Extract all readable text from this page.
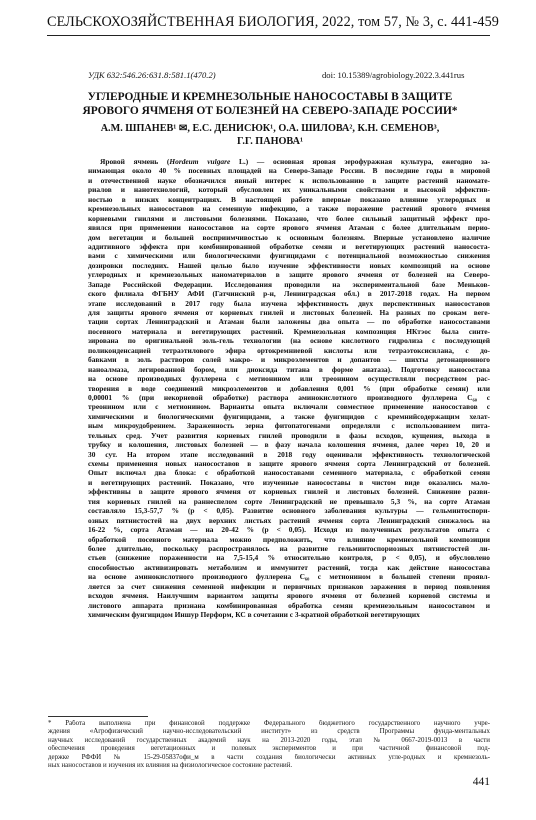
СЕЛЬСКОХОЗЯЙСТВЕННАЯ БИОЛОГИЯ, 2022, том 57, № 3, с. 441-459
УДК 632:546.26:631.8:581.1(470.2)	doi: 10.15389/agrobiology.2022.3.441rus
УГЛЕРОДНЫЕ И КРЕМНЕЗОЛЬНЫЕ НАНОСОСТАВЫ В ЗАЩИТЕ
ЯРОВОГО ЯЧМЕНЯ ОТ БОЛЕЗНЕЙ НА СЕВЕРО-ЗАПАДЕ РОССИИ*
А.М. ШПАНЕВ¹ ✉, Е.С. ДЕНИСЮК¹, О.А. ШИЛОВА², К.Н. СЕМЕНОВ³,
Г.Г. ПАНОВА¹
Яровой ячмень (Hordeum vulgare L.) — основная яровая зерофуражная культура, ежегодно за-
нимающая около 40 % посевных площадей на Северо-Западе России. В последние годы в мировой
и отечественной науке обозначился явный интерес к использованию в защите растений наномате-
риалов и нанотехнологий, который обусловлен их уникальными свойствами и высокой эффектив-
ностью в низких концентрациях. В настоящей работе впервые показано влияние углеродных и
кремнезольных наносоставов на семенную инфекцию, а также поражение растений ярового ячменя
корневыми гнилями и листовыми болезнями. Показано, что более сильный защитный эффект про-
явился при применении наносоставов на сорте ярового ячменя Атаман с более длительным перио-
дом вегетации и большей восприимчивостью к основным болезням. Впервые установлено наличие
аддитивного эффекта при комбинированной обработке семян и вегетирующих растений нанососта-
вами с химическими или биологическими фунгицидами с потенциальной возможностью снижения
дозировки последних. Нашей целью было изучение эффективности новых композиций на основе
углеродных и кремнезольных наноматериалов в защите ярового ячменя от болезней на Северо-
Западе Российской Федерации. Исследования проводили на экспериментальной базе Меньков-
ского филиала ФГБНУ АФИ (Гатчинский р-н, Ленинградская обл.) в 2017-2018 годах. На первом
этапе исследований в 2017 году была изучена эффективность двух перспективных наносоставов
для защиты ярового ячменя от корневых гнилей и листовых болезней. На разных по срокам веге-
тации сортах Ленинградский и Атаман были заложены два опыта — по обработке наносоставами
посевного материала и вегетирующих растений. Кремнезольная композиция НКтэос была синте-
зирована по оригинальной золь-гель технологии (на основе кислотного гидролиза с последующей
поликонденсацией тетраэтилового эфира ортокремниевой кислоты или тетраэтоксисилана, с до-
бавками в золь растворов солей макро- и микроэлементов и допантов — шихты детонационного
наноалмаза, легированной бором, или диоксида титана в форме анатаза). Подготовку наносостава
на основе производных фуллерена с метионином или треонином осуществляли посредством рас-
творения в воде соединений микроэлементов и добавления 0,001 % (при обработке семян) или
0,00001 % (при некорневой обработке) раствора аминокислотного производного фуллерена C₆₀ с
треонином или с метионином. Варианты опыта включали совместное применение наносоставов с
химическими и биологическими фунгицидами, а также фунгицидов с кремнийсодержащим хелат-
ным микроудобрением. Зараженность зерна фитопатогенами определяли с использованием пита-
тельных сред. Учет развития корневых гнилей проводили в фазы всходов, кущения, выхода в
трубку и колошения, листовых болезней — в фазу начала колошения ячменя, далее через 10, 20 и
30 сут. На втором этапе исследований в 2018 году оценивали эффективность технологической
схемы применения новых наносоставов в защите ярового ячменя сорта Ленинградский от болезней.
Опыт включал два блока: с обработкой наносоставами семенного материала, с обработкой семян
и вегетирующих растений. Показано, что изученные наносоставы в чистом виде оказались мало-
эффективны в защите ярового ячменя от корневых гнилей и листовых болезней. Снижение разви-
тия корневых гнилей на раннеспелом сорте Ленинградский не превышало 5,3 %, на сорте Атаман
составляло 15,3-57,7 % (p < 0,05). Развитие основного заболевания культуры — гельминтоспори-
озных пятнистостей на двух верхних листьях растений ячменя сорта Ленинградский снижалось на
16-22 %, сорта Атаман — на 20-42 % (p < 0,05). Исходя из полученных результатов опыта с
обработкой посевного материала можно предположить, что влияние кремнезольной композиции
более длительно, поскольку распространялось на развитие гельминтоспориозных пятнистостей ли-
стьев (снижение пораженности на 7,5-15,4 % относительно контроля, p < 0,05), и обусловлено
способностью активизировать метаболизм и иммунитет растений, тогда как действие наносостава
на основе аминокислотного производного фуллерена C₆₀ с метионином в большей степени проявл-
ляется за счет снижения семенной инфекции и первичных признаков заражения в период появления
всходов ячменя. Наилучшим вариантом защиты ярового ячменя от болезней корневой системы и
листового аппарата признана комбинированная обработка семян кремнезольным наносоставом и
химическим фунгицидом Иншур Перформ, КС в сочетании с 3-кратной обработкой вегетирующих
* Работа выполнена при финансовой поддержке Федерального бюджетного государственного научного учре-
ждения «Агрофизический научно-исследовательский институт» из средств Программы фунда-ментальных
научных исследований государственных академий наук на 2013-2020 годы, этап № 0667-2019-0013 в части
обеспечения проведения вегетационных и полевых экспериментов и при частичной финансовой под-
держке РФФИ № 15-29-05837офи_м в части создания биологически активных угле-родных и кремнезоль-
ных наносоставов и изучения их влияния на физиологическое состояние растений.
441
